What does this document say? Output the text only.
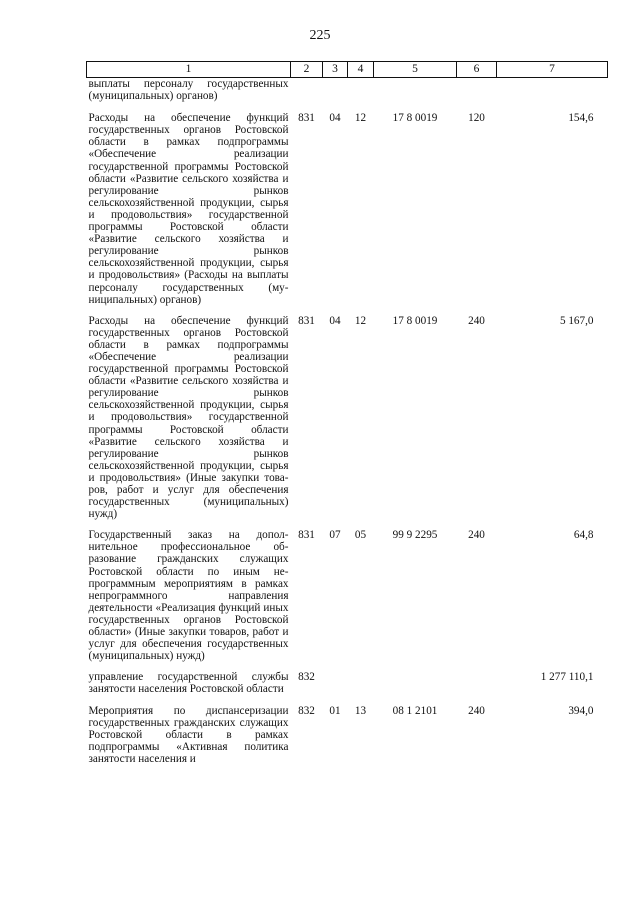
225
1	2	3	4	5	6	7
выплаты персоналу государственных (муниципальных) органов)						
Расходы на обеспечение функций государственных органов Ростовской области в рамках подпрограммы «Обеспечение реализации государственной программы Ростовской области «Развитие сельского хозяйства и регулирование рынков сельскохозяйственной продукции, сырья и продовольствия» государственной программы Ростовской области «Развитие сельского хозяйства и регулирование рынков сельскохозяйственной продукции, сырья и продовольствия» (Расходы на выплаты персоналу государственных (муниципальных) органов)	831	04	12	17 8 0019	120	154,6
Расходы на обеспечение функций государственных органов Ростовской области в рамках подпрограммы «Обеспечение реализации государственной программы Ростовской области «Развитие сельского хозяйства и регулирование рынков сельскохозяйственной продукции, сырья и продовольствия» государственной программы Ростовской области «Развитие сельского хозяйства и регулирование рынков сельскохозяйственной продукции, сырья и продовольствия» (Иные закупки товаров, работ и услуг для обеспечения государственных (муниципальных) нужд)	831	04	12	17 8 0019	240	5 167,0
Государственный заказ на дополнительное профессиональное образование гражданских служащих Ростовской области по иным непрограммным мероприятиям в рамках непрограммного направления деятельности «Реализация функций иных государственных органов Ростовской области» (Иные закупки товаров, работ и услуг для обеспечения государственных (муниципальных) нужд)	831	07	05	99 9 2295	240	64,8
управление государственной службы занятости населения Ростовской области	832					1 277 110,1
Мероприятия по диспансеризации государственных гражданских служащих Ростовской области в рамках подпрограммы «Активная политика занятости населения и	832	01	13	08 1 2101	240	394,0
